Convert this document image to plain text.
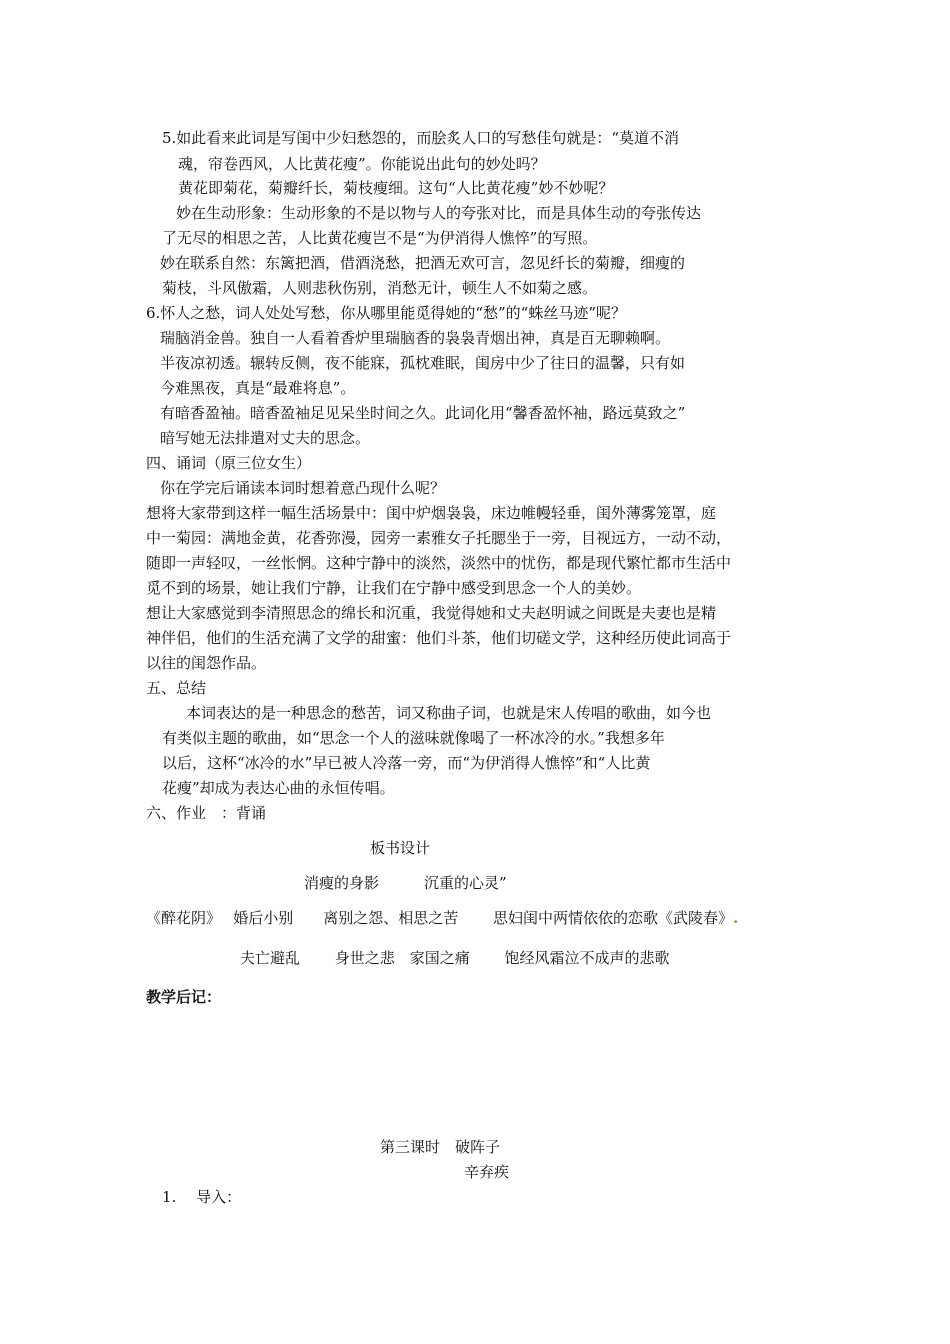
5.如此看来此词是写闺中少妇愁怨的，而脍炙人口的写愁佳句就是：“莫道不消
魂，帘卷西风，人比黄花瘦”。你能说出此句的妙处吗？
黄花即菊花，菊瓣纤长，菊枝瘦细。这句“人比黄花瘦”妙不妙呢？
妙在生动形象：生动形象的不是以物与人的夸张对比，而是具体生动的夸张传达
了无尽的相思之苦，人比黄花瘦岂不是“为伊消得人憔悴”的写照。
妙在联系自然：东篱把酒，借酒浇愁，把酒无欢可言，忽见纤长的菊瓣，细瘦的
菊枝，斗风傲霜，人则悲秋伤别，消愁无计，顿生人不如菊之感。
6.怀人之愁，词人处处写愁，你从哪里能觅得她的“愁”的“蛛丝马迹”呢？
瑞脑消金兽。独自一人看着香炉里瑞脑香的袅袅青烟出神，真是百无聊赖啊。
半夜凉初透。辗转反侧，夜不能寐，孤枕难眠，闺房中少了往日的温馨，只有如
今难黑夜，真是“最难将息”。
有暗香盈袖。暗香盈袖足见呆坐时间之久。此词化用“馨香盈怀袖，路远莫致之”
暗写她无法排遣对丈夫的思念。
四、诵词（原三位女生）
你在学完后诵读本词时想着意凸现什么呢？
想将大家带到这样一幅生活场景中：闺中炉烟袅袅，床边帷幔轻垂，闺外薄雾笼罩，庭
中一菊园：满地金黄，花香弥漫，园旁一素雅女子托腮坐于一旁，目视远方，一动不动，
随即一声轻叹，一丝怅惘。这种宁静中的淡然，淡然中的忧伤，都是现代繁忙都市生活中
觅不到的场景，她让我们宁静，让我们在宁静中感受到思念一个人的美妙。
想让大家感觉到李清照思念的绵长和沉重，我觉得她和丈夫赵明诚之间既是夫妻也是精
神伴侣，他们的生活充满了文学的甜蜜：他们斗茶，他们切磋文学，这种经历使此词高于
以往的闺怨作品。
五、总结
本词表达的是一种思念的愁苦，词又称曲子词，也就是宋人传唱的歌曲，如今也
有类似主题的歌曲，如“思念一个人的滋味就像喝了一杯冰冷的水。”我想多年
以后，这杯“冰冷的水”早已被人冷落一旁，而“为伊消得人憔悴”和“人比黄
花瘦”却成为表达心曲的永恒传唱。
六、作业　：背诵
板书设计
消瘦的身影　　　沉重的心灵”
《醉花阴》　 婚后小别　　离别之怨、相思之苦　　 思妇闺中两情依依的恋歌《武陵春》.
夫亡避乱　　 身世之悲　家国之痛　　 饱经风霜泣不成声的悲歌
教学后记：
第三课时　破阵子
辛弃疾
1.　 导入：
